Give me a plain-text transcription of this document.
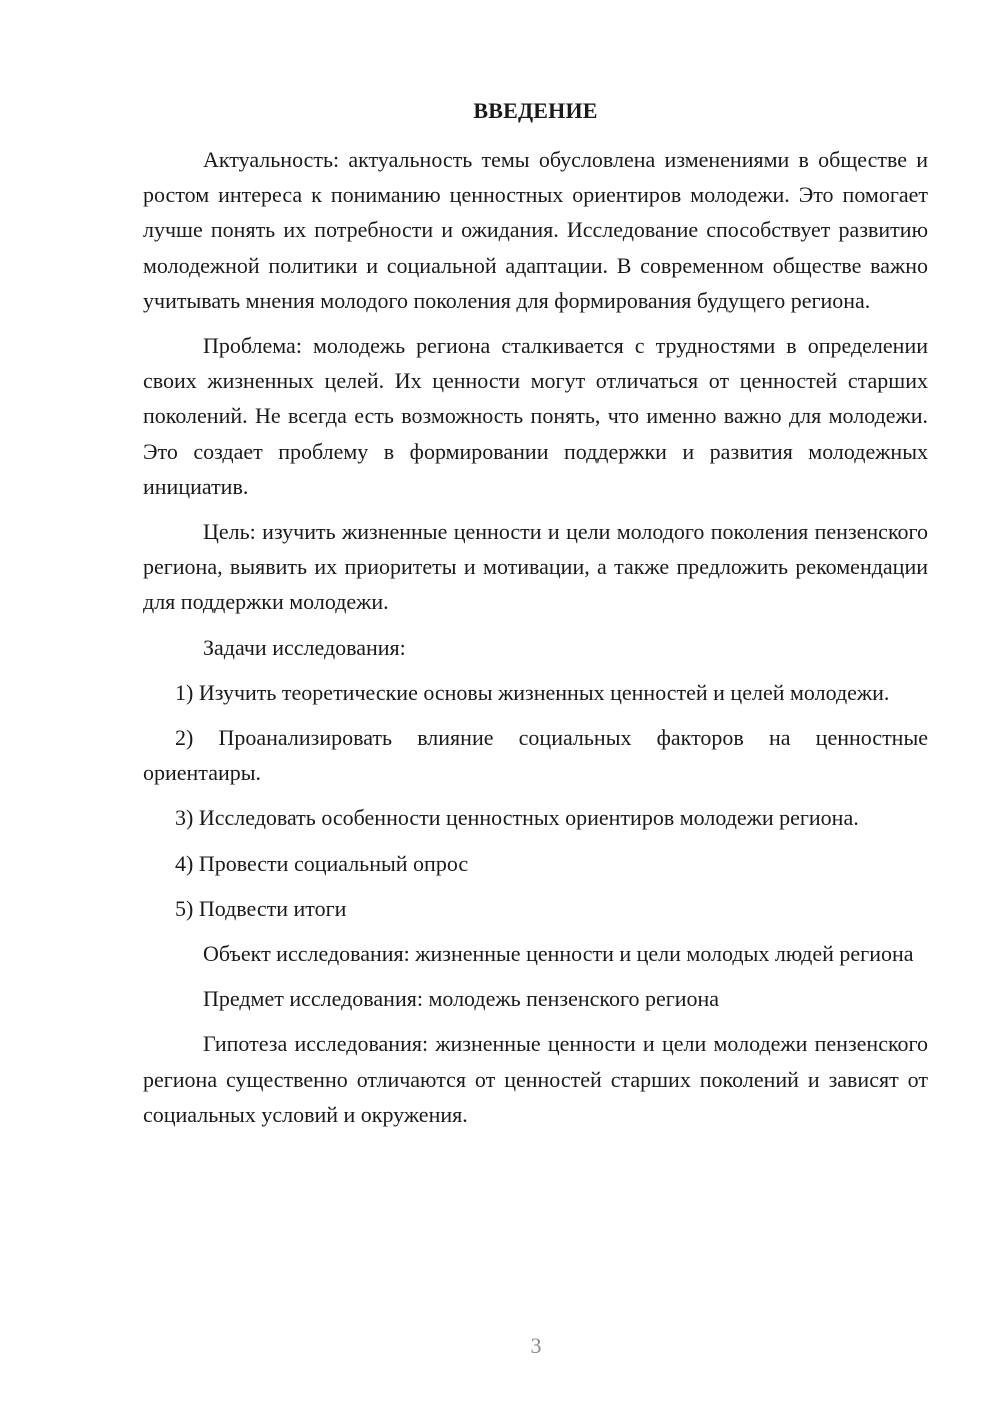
ВВЕДЕНИЕ

Актуальность: актуальность темы обусловлена изменениями в обществе и ростом интереса к пониманию ценностных ориентиров молодежи. Это помогает лучше понять их потребности и ожидания. Исследование способствует развитию молодежной политики и социальной адаптации. В современном обществе важно учитывать мнения молодого поколения для формирования будущего региона.

Проблема: молодежь региона сталкивается с трудностями в определении своих жизненных целей. Их ценности могут отличаться от ценностей старших поколений. Не всегда есть возможность понять, что именно важно для молодежи. Это создает проблему в формировании поддержки и развития молодежных инициатив.

Цель: изучить жизненные ценности и цели молодого поколения пензенского региона, выявить их приоритеты и мотивации, а также предложить рекомендации для поддержки молодежи.

Задачи исследования:

1) Изучить теоретические основы жизненных ценностей и целей молодежи.

2) Проанализировать влияние социальных факторов на ценностные ориентаиры.

3) Исследовать особенности ценностных ориентиров молодежи региона.

4) Провести социальный опрос

5) Подвести итоги

Объект исследования: жизненные ценности и цели молодых людей региона

Предмет исследования: молодежь пензенского региона

Гипотеза исследования: жизненные ценности и цели молодежи пензенского региона существенно отличаются от ценностей старших поколений и зависят от социальных условий и окружения.

3
